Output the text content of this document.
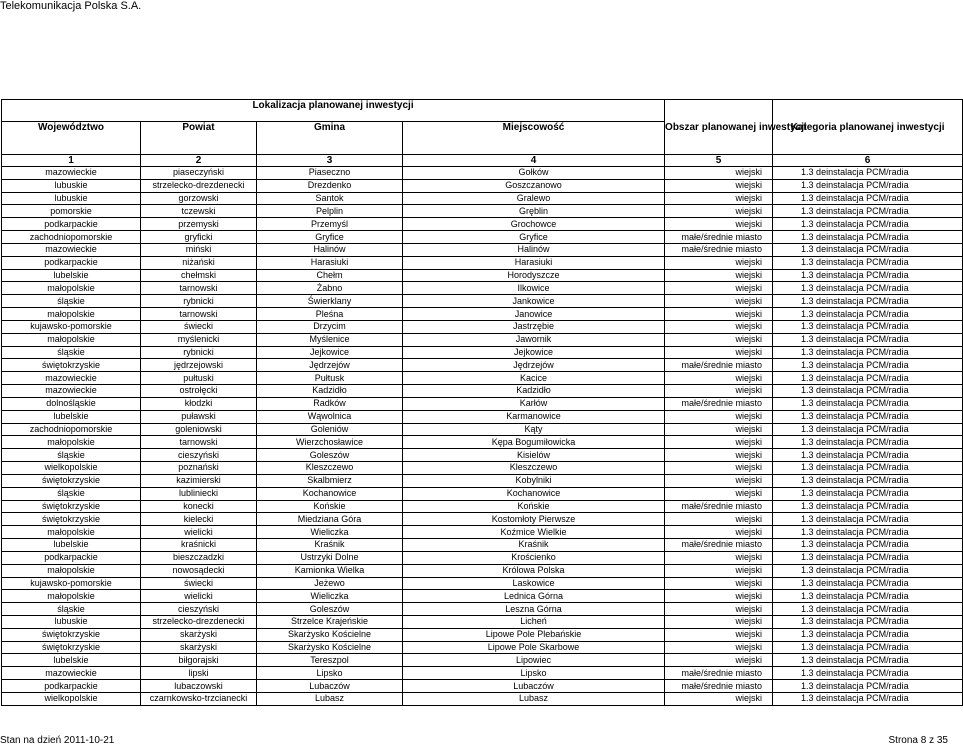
Telekomunikacja Polska S.A.
Inwestycje na etapie planowania
w ramach realizacji Deklaracji Inwestycyjnej Telekomunikacji Polskiej
dotyczącej Porozumienia z UKE z dn. 22 października 2009
Lokalizacja planowanej inwestycji				Obszar planowanej inwestycji	Kategoria planowanej inwestycji
Województwo	Powiat	Gmina	Miejscowość		
1	2	3	4	5	6
mazowieckie	piaseczyński	Piaseczno	Gołków	wiejski	1.3 deinstalacja PCM/radia
lubuskie	strzelecko-drezdenecki	Drezdenko	Goszczanowo	wiejski	1.3 deinstalacja PCM/radia
lubuskie	gorzowski	Santok	Gralewo	wiejski	1.3 deinstalacja PCM/radia
pomorskie	tczewski	Pelplin	Gręblin	wiejski	1.3 deinstalacja PCM/radia
podkarpackie	przemyski	Przemyśl	Grochowce	wiejski	1.3 deinstalacja PCM/radia
zachodniopomorskie	gryficki	Gryfice	Gryfice	małe/średnie miasto	1.3 deinstalacja PCM/radia
mazowieckie	miński	Halinów	Halinów	małe/średnie miasto	1.3 deinstalacja PCM/radia
podkarpackie	niżański	Harasiuki	Harasiuki	wiejski	1.3 deinstalacja PCM/radia
lubelskie	chełmski	Chełm	Horodyszcze	wiejski	1.3 deinstalacja PCM/radia
małopolskie	tarnowski	Żabno	Ilkowice	wiejski	1.3 deinstalacja PCM/radia
śląskie	rybnicki	Świerklany	Jankowice	wiejski	1.3 deinstalacja PCM/radia
małopolskie	tarnowski	Pleśna	Janowice	wiejski	1.3 deinstalacja PCM/radia
kujawsko-pomorskie	świecki	Drzycim	Jastrzębie	wiejski	1.3 deinstalacja PCM/radia
małopolskie	myślenicki	Myślenice	Jawornik	wiejski	1.3 deinstalacja PCM/radia
śląskie	rybnicki	Jejkowice	Jejkowice	wiejski	1.3 deinstalacja PCM/radia
świętokrzyskie	jędrzejowski	Jędrzejów	Jędrzejów	małe/średnie miasto	1.3 deinstalacja PCM/radia
mazowieckie	pułtuski	Pułtusk	Kacice	wiejski	1.3 deinstalacja PCM/radia
mazowieckie	ostrołęcki	Kadzidło	Kadzidło	wiejski	1.3 deinstalacja PCM/radia
dolnośląskie	kłodzki	Radków	Karłów	małe/średnie miasto	1.3 deinstalacja PCM/radia
lubelskie	puławski	Wąwolnica	Karmanowice	wiejski	1.3 deinstalacja PCM/radia
zachodniopomorskie	goleniowski	Goleniów	Kąty	wiejski	1.3 deinstalacja PCM/radia
małopolskie	tarnowski	Wierzchosławice	Kępa Bogumiłowicka	wiejski	1.3 deinstalacja PCM/radia
śląskie	cieszyński	Goleszów	Kisielów	wiejski	1.3 deinstalacja PCM/radia
wielkopolskie	poznański	Kleszczewo	Kleszczewo	wiejski	1.3 deinstalacja PCM/radia
świętokrzyskie	kazimierski	Skalbmierz	Kobylniki	wiejski	1.3 deinstalacja PCM/radia
śląskie	lubliniecki	Kochanowice	Kochanowice	wiejski	1.3 deinstalacja PCM/radia
świętokrzyskie	konecki	Końskie	Końskie	małe/średnie miasto	1.3 deinstalacja PCM/radia
świętokrzyskie	kielecki	Miedziana Góra	Kostomłoty Pierwsze	wiejski	1.3 deinstalacja PCM/radia
małopolskie	wielicki	Wieliczka	Koźmice Wielkie	wiejski	1.3 deinstalacja PCM/radia
lubelskie	kraśnicki	Kraśnik	Kraśnik	małe/średnie miasto	1.3 deinstalacja PCM/radia
podkarpackie	bieszczadzki	Ustrzyki Dolne	Krościenko	wiejski	1.3 deinstalacja PCM/radia
małopolskie	nowosądecki	Kamionka Wielka	Królowa Polska	wiejski	1.3 deinstalacja PCM/radia
kujawsko-pomorskie	świecki	Jeżewo	Laskowice	wiejski	1.3 deinstalacja PCM/radia
małopolskie	wielicki	Wieliczka	Lednica Górna	wiejski	1.3 deinstalacja PCM/radia
śląskie	cieszyński	Goleszów	Leszna Górna	wiejski	1.3 deinstalacja PCM/radia
lubuskie	strzelecko-drezdenecki	Strzelce Krajeńskie	Licheń	wiejski	1.3 deinstalacja PCM/radia
świętokrzyskie	skarżyski	Skarżysko Kościelne	Lipowe Pole Plebańskie	wiejski	1.3 deinstalacja PCM/radia
świętokrzyskie	skarżyski	Skarżysko Kościelne	Lipowe Pole Skarbowe	wiejski	1.3 deinstalacja PCM/radia
lubelskie	biłgorajski	Tereszpol	Lipowiec	wiejski	1.3 deinstalacja PCM/radia
mazowieckie	lipski	Lipsko	Lipsko	małe/średnie miasto	1.3 deinstalacja PCM/radia
podkarpackie	lubaczowski	Lubaczów	Lubaczów	małe/średnie miasto	1.3 deinstalacja PCM/radia
wielkopolskie	czarnkowsko-trzcianecki	Lubasz	Lubasz	wiejski	1.3 deinstalacja PCM/radia
Stan na dzień 2011-10-21	Strona 8 z 35
